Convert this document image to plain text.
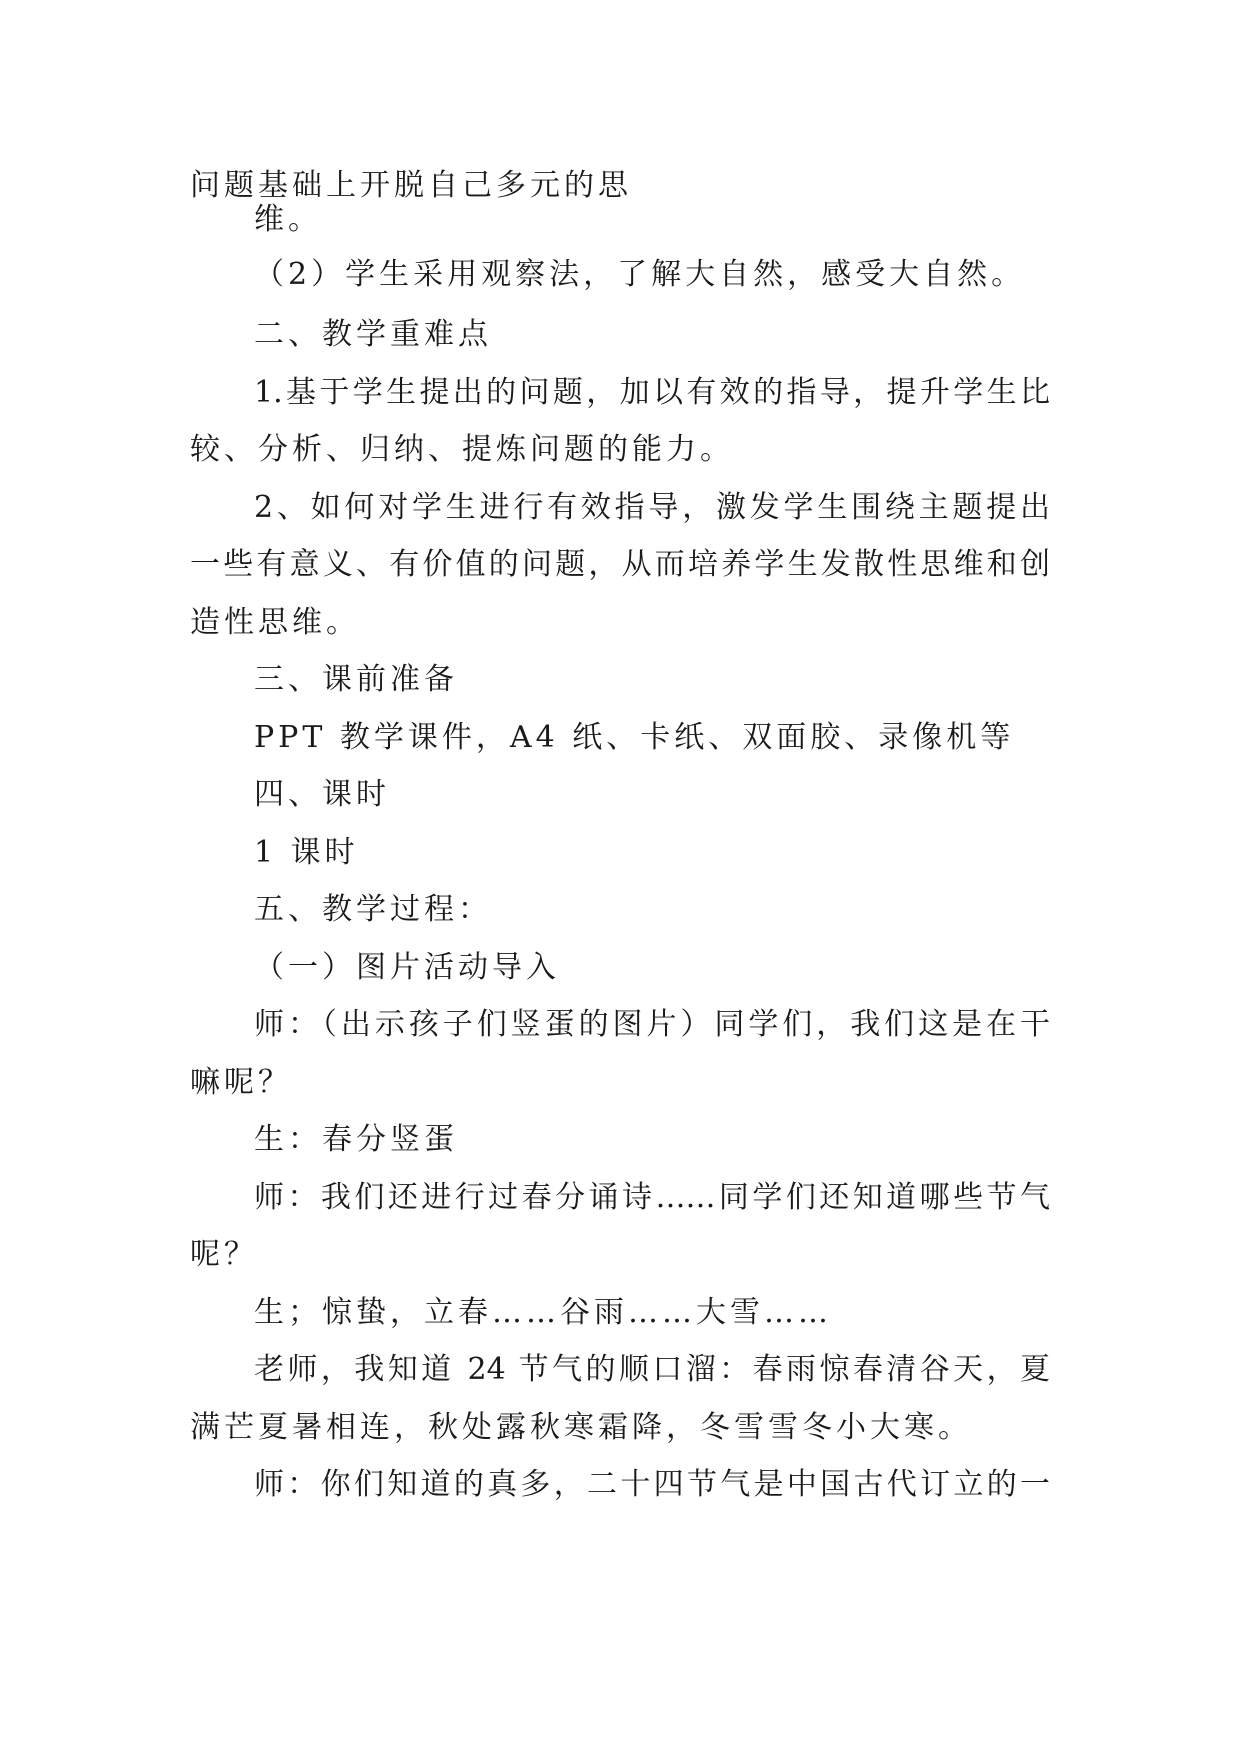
问题基础上开脱自己多元的思
维。
（2）学生采用观察法，了解大自然，感受大自然。
二、教学重难点
1.基于学生提出的问题，加以有效的指导，提升学生比
较、分析、归纳、提炼问题的能力。
2、如何对学生进行有效指导，激发学生围绕主题提出
一些有意义、有价值的问题，从而培养学生发散性思维和创
造性思维。
三、课前准备
PPT 教学课件，A4 纸、卡纸、双面胶、录像机等
四、课时
1 课时
五、教学过程：
（一）图片活动导入
师：（出示孩子们竖蛋的图片）同学们，我们这是在干
嘛呢？
生：春分竖蛋
师：我们还进行过春分诵诗……同学们还知道哪些节气
呢？
生；惊蛰，立春……谷雨……大雪……
老师，我知道 24 节气的顺口溜：春雨惊春清谷天，夏
满芒夏暑相连，秋处露秋寒霜降，冬雪雪冬小大寒。
师：你们知道的真多，二十四节气是中国古代订立的一
